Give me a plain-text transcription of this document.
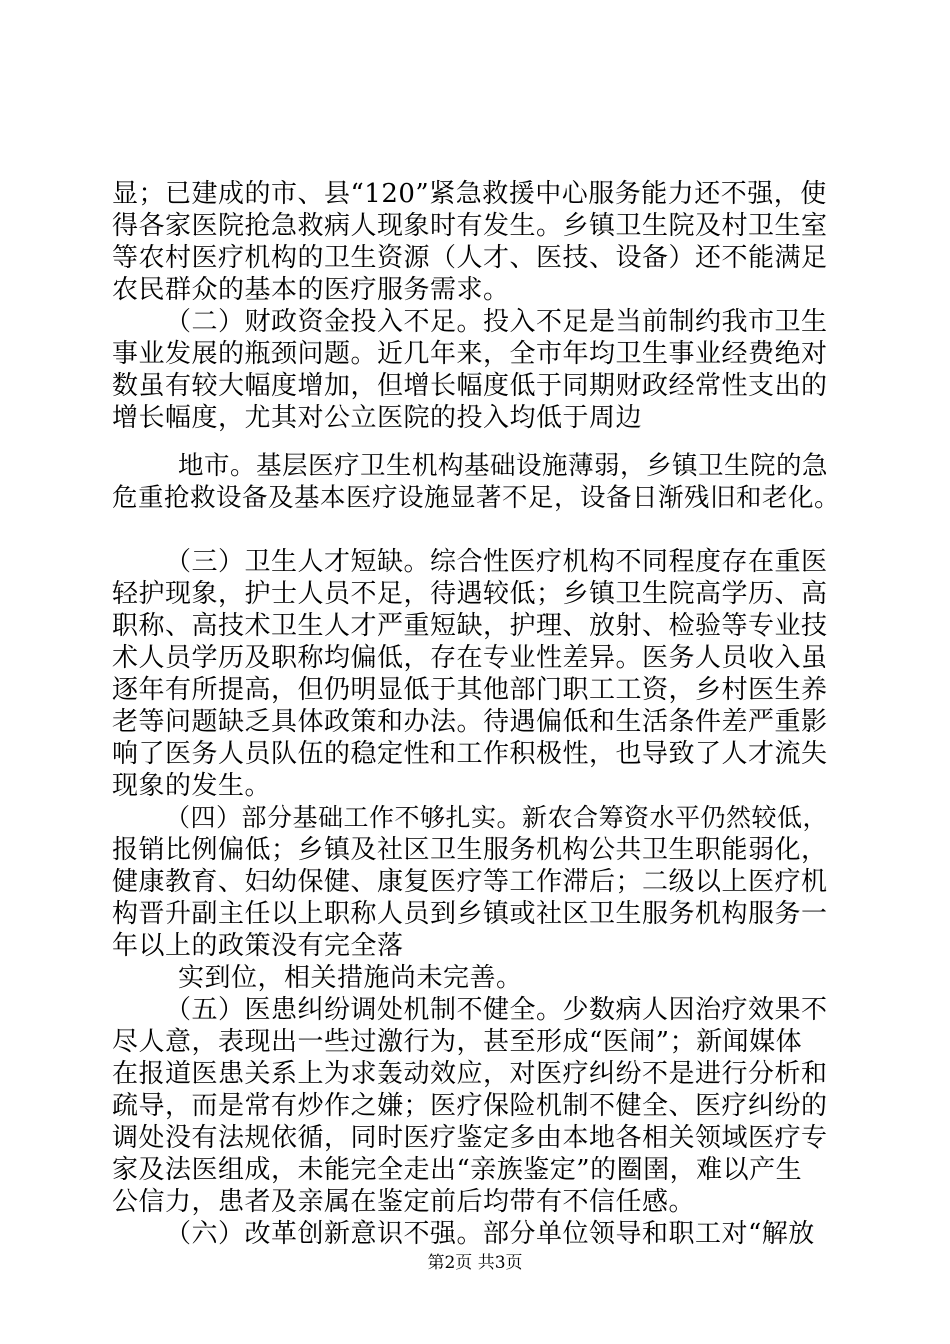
显；已建成的市、县“120”紧急救援中心服务能力还不强，使
得各家医院抢急救病人现象时有发生。乡镇卫生院及村卫生室
等农村医疗机构的卫生资源（人才、医技、设备）还不能满足
农民群众的基本的医疗服务需求。
（二）财政资金投入不足。投入不足是当前制约我市卫生
事业发展的瓶颈问题。近几年来，全市年均卫生事业经费绝对
数虽有较大幅度增加，但增长幅度低于同期财政经常性支出的
增长幅度，尤其对公立医院的投入均低于周边
地市。基层医疗卫生机构基础设施薄弱，乡镇卫生院的急
危重抢救设备及基本医疗设施显著不足，设备日渐残旧和老化。
（三）卫生人才短缺。综合性医疗机构不同程度存在重医
轻护现象，护士人员不足，待遇较低；乡镇卫生院高学历、高
职称、高技术卫生人才严重短缺，护理、放射、检验等专业技
术人员学历及职称均偏低，存在专业性差异。医务人员收入虽
逐年有所提高，但仍明显低于其他部门职工工资，乡村医生养
老等问题缺乏具体政策和办法。待遇偏低和生活条件差严重影
响了医务人员队伍的稳定性和工作积极性，也导致了人才流失
现象的发生。
（四）部分基础工作不够扎实。新农合筹资水平仍然较低，
报销比例偏低；乡镇及社区卫生服务机构公共卫生职能弱化，
健康教育、妇幼保健、康复医疗等工作滞后；二级以上医疗机
构晋升副主任以上职称人员到乡镇或社区卫生服务机构服务一
年以上的政策没有完全落
实到位，相关措施尚未完善。
（五）医患纠纷调处机制不健全。少数病人因治疗效果不
尽人意，表现出一些过激行为，甚至形成“医闹”；新闻媒体
在报道医患关系上为求轰动效应，对医疗纠纷不是进行分析和
疏导，而是常有炒作之嫌；医疗保险机制不健全、医疗纠纷的
调处没有法规依循，同时医疗鉴定多由本地各相关领域医疗专
家及法医组成，未能完全走出“亲族鉴定”的圈圉，难以产生
公信力，患者及亲属在鉴定前后均带有不信任感。
（六）改革创新意识不强。部分单位领导和职工对“解放
第2页 共3页
